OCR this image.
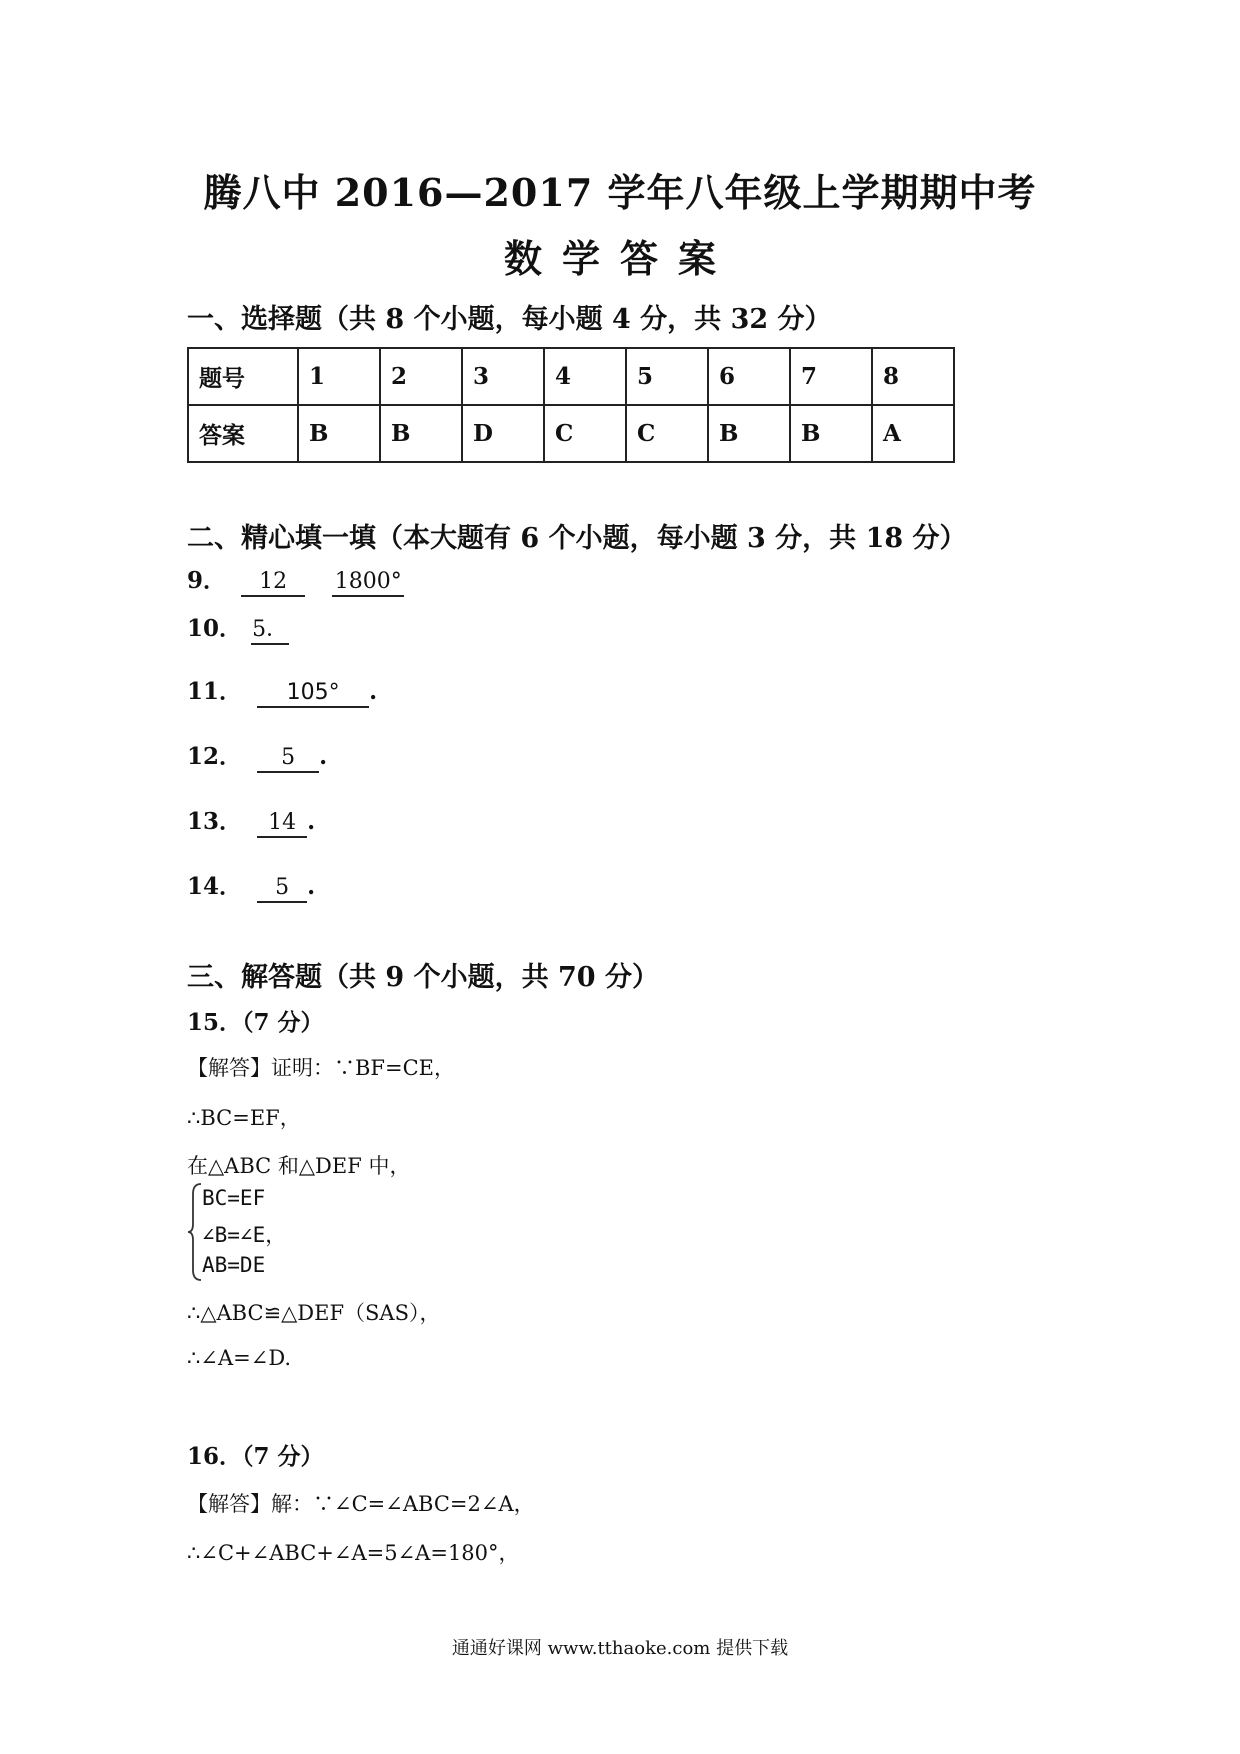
腾八中 2016—2017 学年八年级上学期期中考
数学答案
一、选择题（共 8 个小题，每小题 4 分，共 32 分）
题号	1	2	3	4	5	6	7	8
答案	B	B	D	C	C	B	B	A
二、精心填一填（本大题有 6 个小题，每小题 3 分，共 18 分）
9． 12 1800°
10． 5．
11． 105° .
12． 5 .
13． 14 .
14． 5 .
三、解答题（共 9 个小题，共 70 分）
15．（7 分）
【解答】证明：∵BF=CE，
∴BC=EF，
在△ABC 和△DEF 中，
BC=EF
∠B=∠E，
AB=DE
∴△ABC≌△DEF（SAS），
∴∠A=∠D.
16．（7 分）
【解答】解：∵∠C=∠ABC=2∠A，
∴∠C+∠ABC+∠A=5∠A=180°，
通通好课网 www.tthaoke.com 提供下载
